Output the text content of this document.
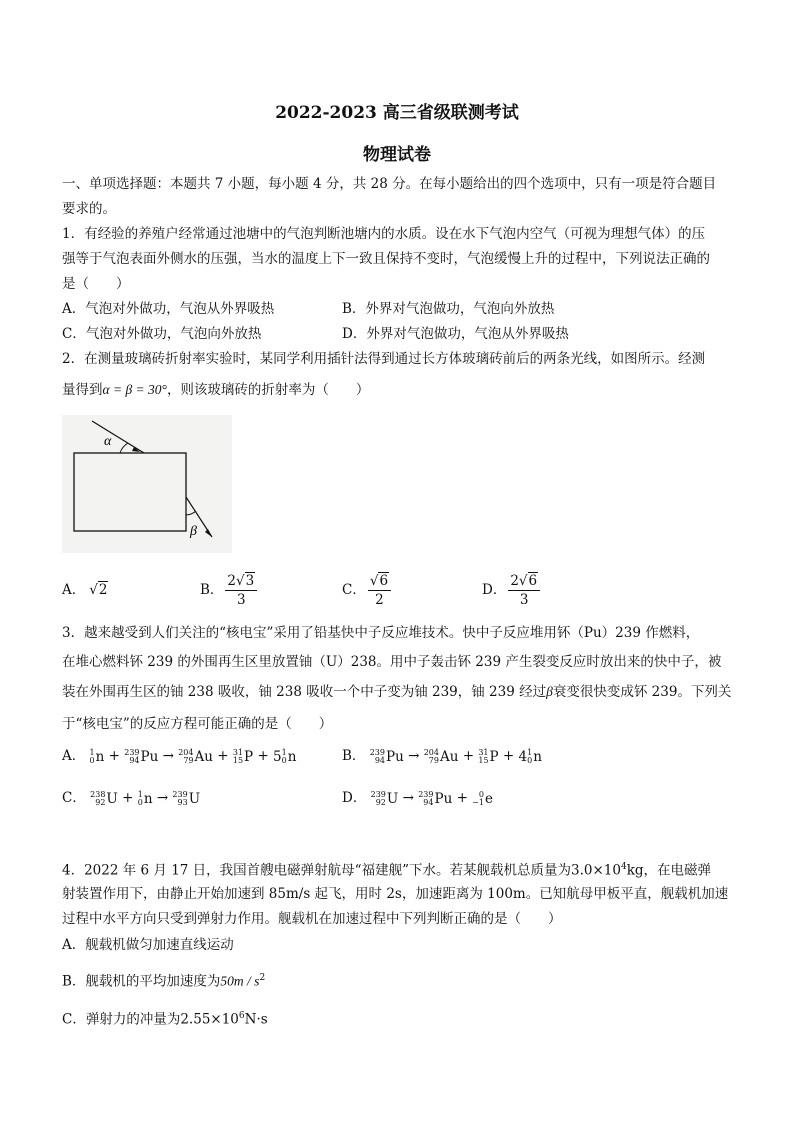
2022-2023 高三省级联测考试
物理试卷
一、单项选择题：本题共 7 小题，每小题 4 分，共 28 分。在每小题给出的四个选项中，只有一项是符合题目
要求的。
1．有经验的养殖户经常通过池塘中的气泡判断池塘内的水质。设在水下气泡内空气（可视为理想气体）的压
强等于气泡表面外侧水的压强，当水的温度上下一致且保持不变时，气泡缓慢上升的过程中，下列说法正确的
是（　　）
A．气泡对外做功，气泡从外界吸热	B．外界对气泡做功，气泡向外放热
C．气泡对外做功，气泡向外放热	D．外界对气泡做功，气泡从外界吸热
2．在测量玻璃砖折射率实验时，某同学利用插针法得到通过长方体玻璃砖前后的两条光线，如图所示。经测
量得到α = β = 30°，则该玻璃砖的折射率为（　　）
α
β
A． √2	B． $\frac{2√3}{3}$	C． $\frac{√6}{2}$	D． $\frac{2√6}{3}$
3．越来越受到人们关注的“核电宝”采用了铅基快中子反应堆技术。快中子反应堆用钚（Pu）239 作燃料，
在堆心燃料钚 239 的外围再生区里放置铀（U）238。用中子轰击钚 239 产生裂变反应时放出来的快中子，被
装在外围再生区的铀 238 吸收，铀 238 吸收一个中子变为铀 239，铀 239 经过β衰变很快变成钚 239。下列关
于“核电宝”的反应方程可能正确的是（　　）
A． 1
0 n + 239
94 Pu → 204
79 Au + 31
15 P + 5 1
0 n	B． 239
94 Pu → 204
79 Au + 31
15 P + 4 1
0 n
C． 238
92 U + 1
0 n → 239
93 U	D． 239
92 U → 239
94 Pu + 0
−1 e
4．2022 年 6 月 17 日，我国首艘电磁弹射航母“福建舰”下水。若某舰载机总质量为$3.0\times 10^4kg$，在电磁弹
射装置作用下，由静止开始加速到 85m/s 起飞，用时 2s，加速距离为 100m。已知航母甲板平直，舰载机加速
过程中水平方向只受到弹射力作用。舰载机在加速过程中下列判断正确的是（　　）
A．舰载机做匀加速直线运动
B．舰载机的平均加速度为$50m / s^2$
C．弹射力的冲量为$2.55\times 10^6N\cdot s$
